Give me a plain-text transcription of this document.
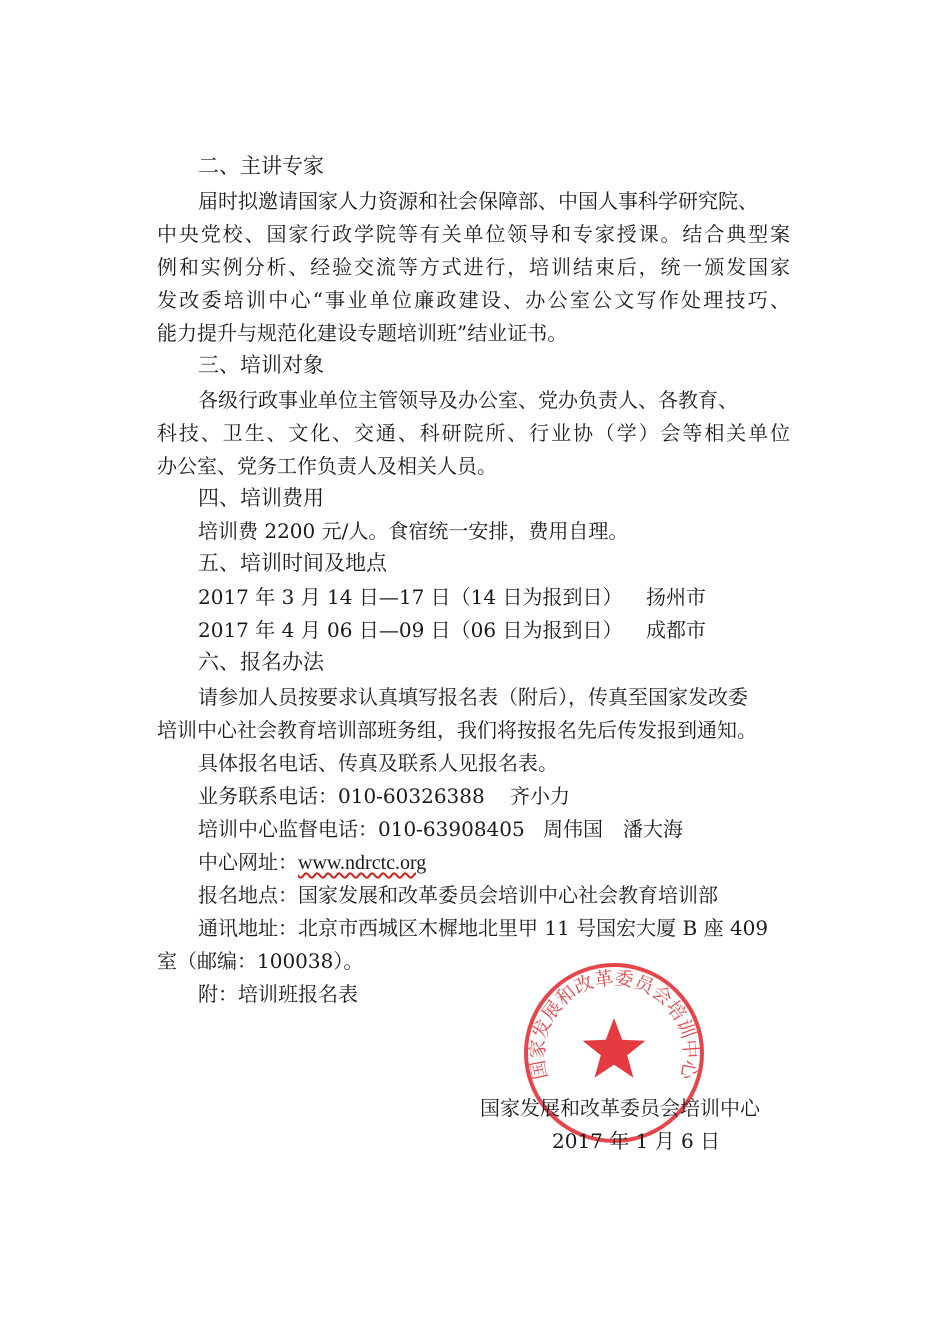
二、主讲专家
届时拟邀请国家人力资源和社会保障部、中国人事科学研究院、
中央党校、国家行政学院等有关单位领导和专家授课。结合典型案
例和实例分析、经验交流等方式进行，培训结束后，统一颁发国家
发改委培训中心“事业单位廉政建设、办公室公文写作处理技巧、
能力提升与规范化建设专题培训班”结业证书。
三、培训对象
各级行政事业单位主管领导及办公室、党办负责人、各教育、
科技、卫生、文化、交通、科研院所、行业协（学）会等相关单位
办公室、党务工作负责人及相关人员。
四、培训费用
培训费 2200 元/人。食宿统一安排，费用自理。
五、培训时间及地点
2017 年 3 月 14 日—17 日（14 日为报到日） 扬州市
2017 年 4 月 06 日—09 日（06 日为报到日） 成都市
六、报名办法
请参加人员按要求认真填写报名表（附后），传真至国家发改委
培训中心社会教育培训部班务组，我们将按报名先后传发报到通知。
具体报名电话、传真及联系人见报名表。
业务联系电话：010-60326388 齐小力
培训中心监督电话：010-63908405 周伟国　潘大海
中心网址：www.ndrctc.org
报名地点：国家发展和改革委员会培训中心社会教育培训部
通讯地址：北京市西城区木樨地北里甲 11 号国宏大厦 B 座 409
室（邮编：100038）。
附：培训班报名表
国家发展和改革委员会培训中心
国家发展和改革委员会培训中心
2017 年 1 月 6 日
